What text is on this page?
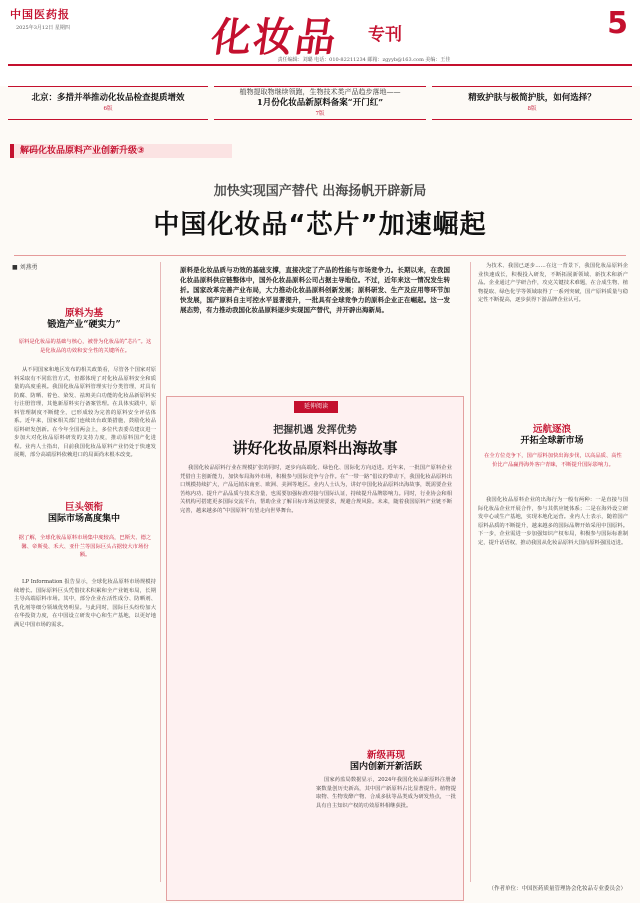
中国医药报
2025年3月12日 星期四	化妆品 专刊	5
责任编辑：刘璐 电话：010-82211234 邮箱：zgyyb@163.com 美编：王佳
北京：多措并举推动化妆品检查提质增效
6版
植物提取物继续领跑，生物技术类产品趋步落地——
1月份化妆品新原料备案“开门红”
7版
精致护肤与极简护肤，如何选择？
8版
解码化妆品原料产业创新升级③
加快实现国产替代 出海扬帆开辟新局
中国化妆品“芯片”加速崛起
■ 刘燕勇
原料为基
锻造产业“硬实力”
原料是化妆品的基础与核心，被誉为化妆品的“芯片”。这是化妆品的功效和安全性的关键所在。

从不同国家和地区发布的相关政策看，尽管各个国家对原料采取有不同监管方式，但都体现了对化妆品原料安全和质量的高度重视。我国化妆品原料管理实行分类管理，对具有防腐、防晒、着色、染发、祛斑美白功能的化妆品新原料实行注册管理，其他新原料实行备案管理。在具体实践中，原料管理制度不断健全，已形成较为完善的原料安全评估体系。近年来，国家相关部门连续出台政策措施，鼓励化妆品原料研发创新。在今年全国两会上，多位代表委员建议进一步加大对化妆品原料研发的支持力度，推动原料国产化进程。业内人士指出，目前我国化妆品原料产业仍处于快速发展期，部分高端原料依赖进口的局面尚未根本改变。

巨头领衔
国际市场高度集中
据了解，全球化妆品原料市场集中度较高，巴斯夫、德之馨、帝斯曼、禾大、亚什兰等国际巨头占据较大市场份额。

LP Information 报告显示，全球化妆品原料市场规模持续增长。国际原料巨头凭借技术积累和全产业链布局，长期主导高端原料市场。其中，部分企业在活性成分、防晒剂、乳化剂等细分领域优势明显。与此同时，国际巨头纷纷加大在华投资力度，在中国设立研发中心和生产基地，以更好地满足中国市场的需求。

原料是化妆品质与功效的基础支撑，直接决定了产品的性能与市场竞争力。长期以来，在我国化妆品原料供应链整体中，国外化妆品原料公司占据主导地位。不过，近年来这一情况发生转折。国家改革完善产业布局，大力推动化妆品原料创新发展；原料研发、生产及应用等环节加快发展，国产原料自主可控水平显著提升，一批具有全球竞争力的原料企业正在崛起。这一发展态势，有力推动我国化妆品原料逐步实现国产替代，并开辟出海新局。
延伸阅读
把握机遇 发挥优势
讲好化妆品原料出海故事

我国化妆品原料行业在规模扩张的同时，逐步向高端化、绿色化、国际化方向迈进。近年来，一批国产原料企业凭借自主创新能力，加快布局海外市场，积极参与国际竞争与合作。在“一带一路”倡议的带动下，我国化妆品原料出口规模持续扩大，产品远销东南亚、欧洲、美洲等地区。业内人士认为，讲好中国化妆品原料出海故事，既需要企业苦练内功、提升产品品质与技术含量，也需要加强标准对接与国际认证，持续提升品牌影响力。同时，行业协会和相关机构可搭建更多国际交流平台，帮助企业了解目标市场法规要求，规避合规风险。未来，随着我国原料产业链不断完善，越来越多的“中国原料”有望走向世界舞台。

新级再现
国内创新开新活跃

国家药监局数据显示，2024年我国化妆品新原料注册备案数量创历史新高，其中国产新原料占比显著提升。植物提取物、生物发酵产物、合成多肽等品类成为研发热点，一批具有自主知识产权的功效原料相继获批。

为技术、我国已逐步……在这一背景下，我国化妆品原料企业快速成长，积极投入研发，不断拓展新领域、新技术和新产品。企业通过产学研合作，攻克关键技术难题，在合成生物、植物提取、绿色化学等领域取得了一系列突破，国产原料质量与稳定性不断提高，逐步获得下游品牌企业认可。

远航逐浪
开拓全球新市场
在全方位竞争下，国产原料加快出海步伐，以高品质、高性价比产品赢得海外客户青睐，不断提升国际影响力。

我国化妆品原料企业的出海行为一般有两种：一是直接与国际化妆品企业开展合作，参与其供应链体系；二是在海外设立研发中心或生产基地，实现本地化运营。业内人士表示，随着国产原料品质的不断提升，越来越多的国际品牌开始采用中国原料。下一步，企业需进一步加强知识产权布局，积极参与国际标准制定，提升话语权，推动我国从化妆品原料大国向原料强国迈进。

（作者单位：中国医药质量管理协会化妆品专业委员会）
